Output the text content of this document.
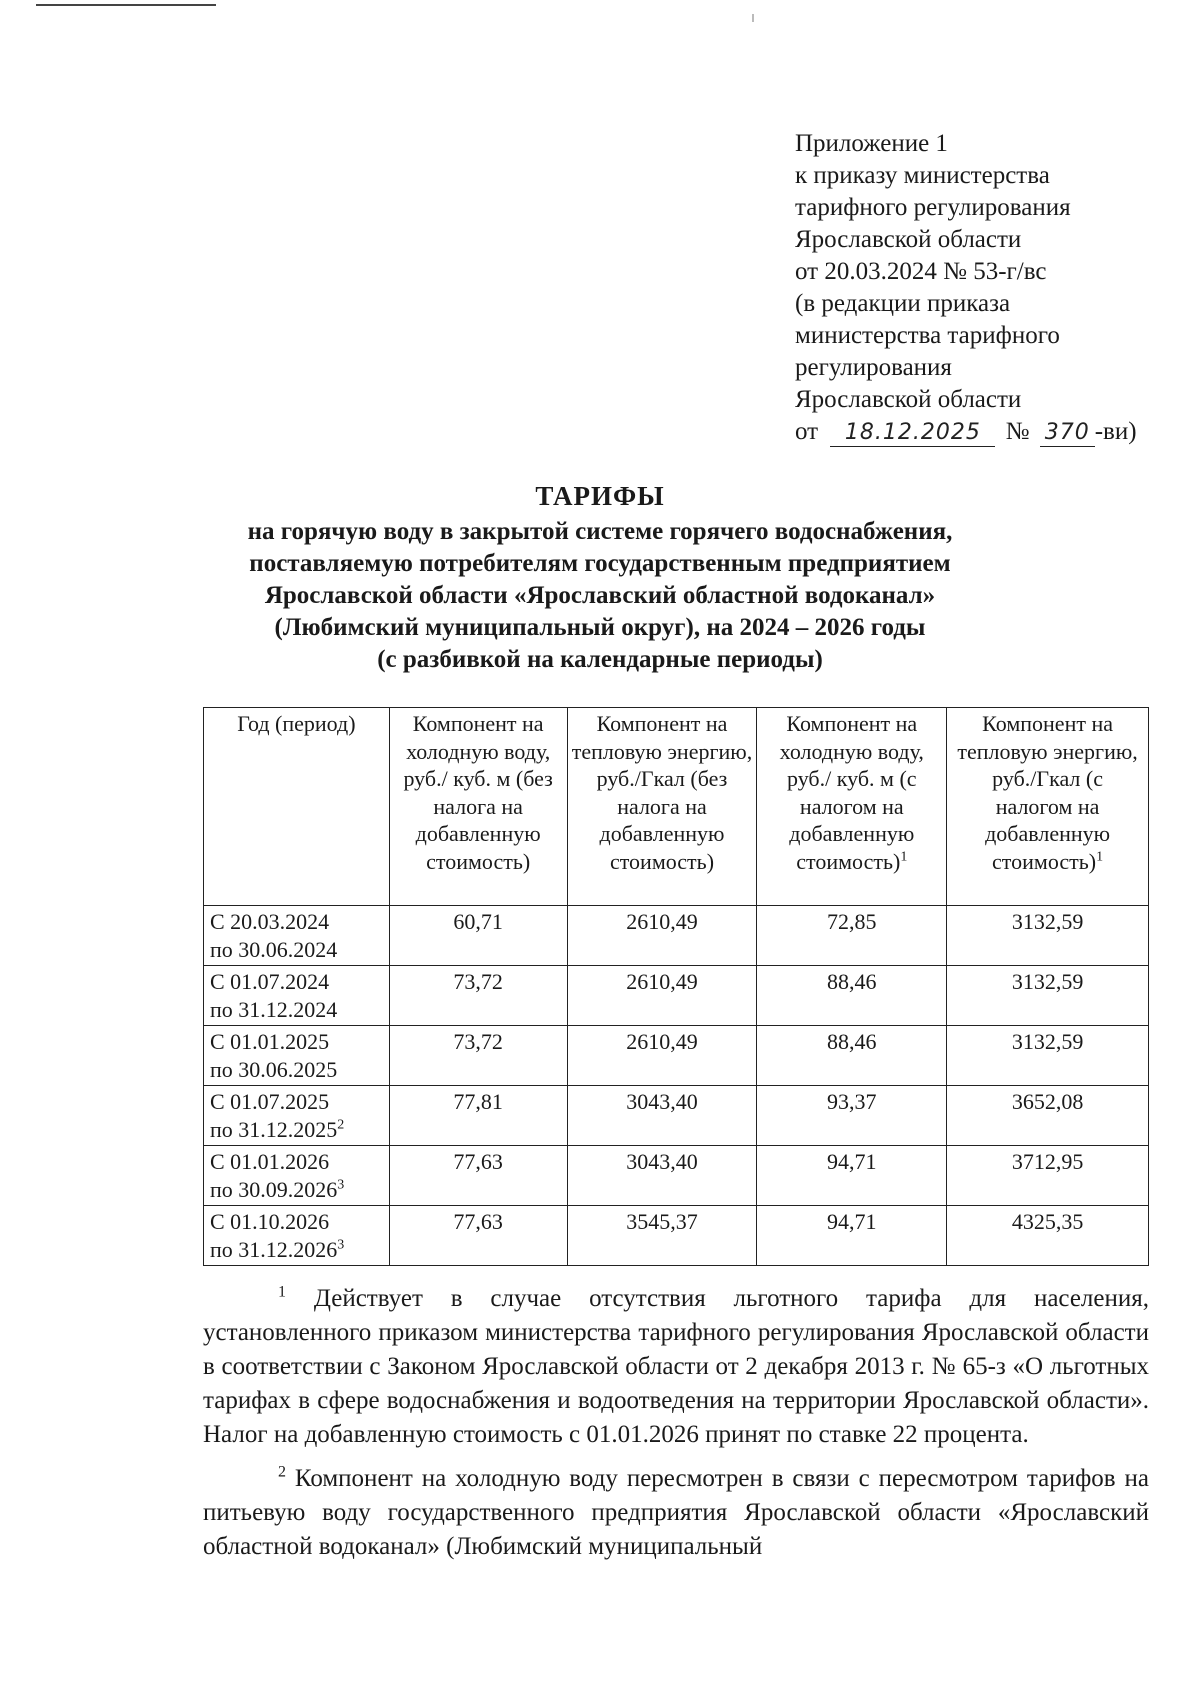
Приложение 1
к приказу министерства
тарифного регулирования
Ярославской области
от 20.03.2024 № 53-г/вс
(в редакции приказа
министерства тарифного
регулирования
Ярославской области
от 18.12.2025 № 370 -ви)
ТАРИФЫ
на горячую воду в закрытой системе горячего водоснабжения,
поставляемую потребителям государственным предприятием
Ярославской области «Ярославский областной водоканал»
(Любимский муниципальный округ), на 2024 – 2026 годы
(с разбивкой на календарные периоды)
Год (период)	Компонент на холодную воду, руб./ куб. м (без налога на добавленную стоимость)	Компонент на тепловую энергию, руб./Гкал (без налога на добавленную стоимость)	Компонент на холодную воду, руб./ куб. м (с налогом на добавленную стоимость)$^1$	Компонент на тепловую энергию, руб./Гкал (с налогом на добавленную стоимость)$^1$

С 20.03.2024
по 30.06.2024	60,71	2610,49	72,85	3132,59

С 01.07.2024
по 31.12.2024	73,72	2610,49	88,46	3132,59

С 01.01.2025
по 30.06.2025	73,72	2610,49	88,46	3132,59

С 01.07.2025
по 31.12.2025$^2$	77,81	3043,40	93,37	3652,08

С 01.01.2026
по 30.09.2026$^3$	77,63	3043,40	94,71	3712,95

С 01.10.2026
по 31.12.2026$^3$	77,63	3545,37	94,71	4325,35

$^1$ Действует в случае отсутствия льготного тарифа для населения, установленного приказом министерства тарифного регулирования Ярославской области в соответствии с Законом Ярославской области от 2 декабря 2013 г. № 65-з «О льготных тарифах в сфере водоснабжения и водоотведения на территории Ярославской области». Налог на добавленную стоимость с 01.01.2026 принят по ставке 22 процента.

$^2$ Компонент на холодную воду пересмотрен в связи с пересмотром тарифов на питьевую воду государственного предприятия Ярославской области «Ярославский областной водоканал» (Любимский муниципальный
